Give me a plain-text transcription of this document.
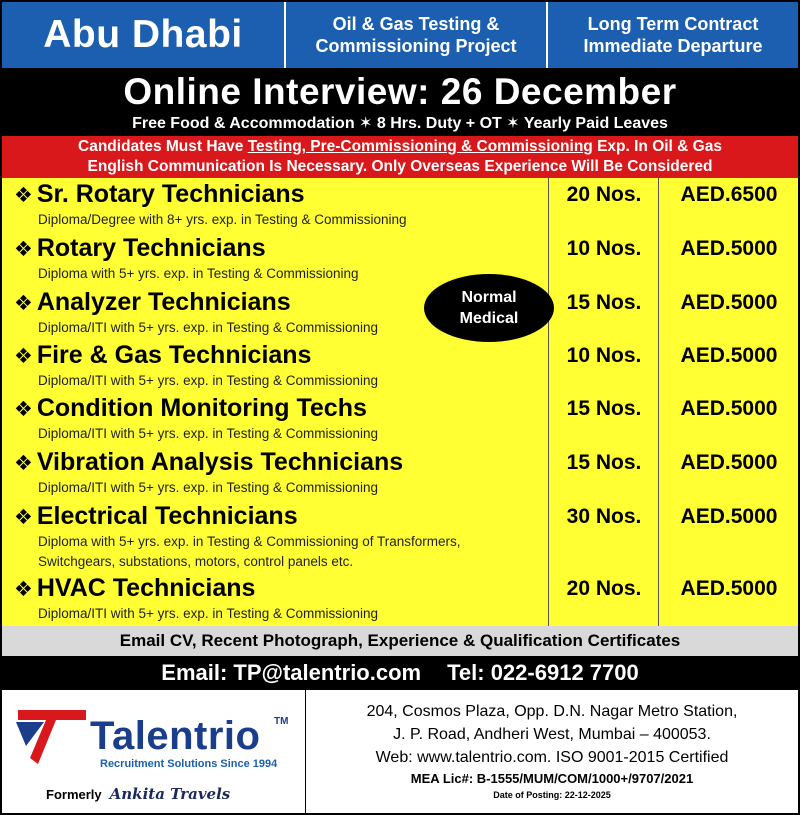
Abu Dhabi	Oil & Gas Testing &
Commissioning Project
Long Term Contract
Immediate Departure
Online Interview: 26 December
Free Food & Accommodation ✶ 8 Hrs. Duty + OT ✶ Yearly Paid Leaves
Candidates Must Have Testing, Pre-Commissioning & Commissioning Exp. In Oil & Gas
English Communication Is Necessary. Only Overseas Experience Will Be Considered
❖ Sr. Rotary Technicians
Diploma/Degree with 8+ yrs. exp. in Testing & Commissioning
20 Nos.	AED.6500
❖ Rotary Technicians
Diploma with 5+ yrs. exp. in Testing & Commissioning
10 Nos.	AED.5000
❖ Analyzer Technicians
Diploma/ITI with 5+ yrs. exp. in Testing & Commissioning
15 Nos.	AED.5000
❖ Fire & Gas Technicians
Diploma/ITI with 5+ yrs. exp. in Testing & Commissioning
10 Nos.	AED.5000
❖ Condition Monitoring Techs
Diploma/ITI with 5+ yrs. exp. in Testing & Commissioning
15 Nos.	AED.5000
❖ Vibration Analysis Technicians
Diploma/ITI with 5+ yrs. exp. in Testing & Commissioning
15 Nos.	AED.5000
❖ Electrical Technicians
Diploma with 5+ yrs. exp. in Testing & Commissioning of Transformers,
Switchgears, substations, motors, control panels etc.
30 Nos.	AED.5000
❖ HVAC Technicians
Diploma/ITI with 5+ yrs. exp. in Testing & Commissioning
20 Nos.	AED.5000
Normal
Medical
Email CV, Recent Photograph, Experience & Qualification Certificates
Email: TP@talentrio.com Tel: 022-6912 7700
Talentrio TM
Recruitment Solutions Since 1994
Formerly Ankita Travels
204, Cosmos Plaza, Opp. D.N. Nagar Metro Station,
J. P. Road, Andheri West, Mumbai – 400053.
Web: www.talentrio.com. ISO 9001-2015 Certified
MEA Lic#: B-1555/MUM/COM/1000+/9707/2021
Date of Posting: 22-12-2025
